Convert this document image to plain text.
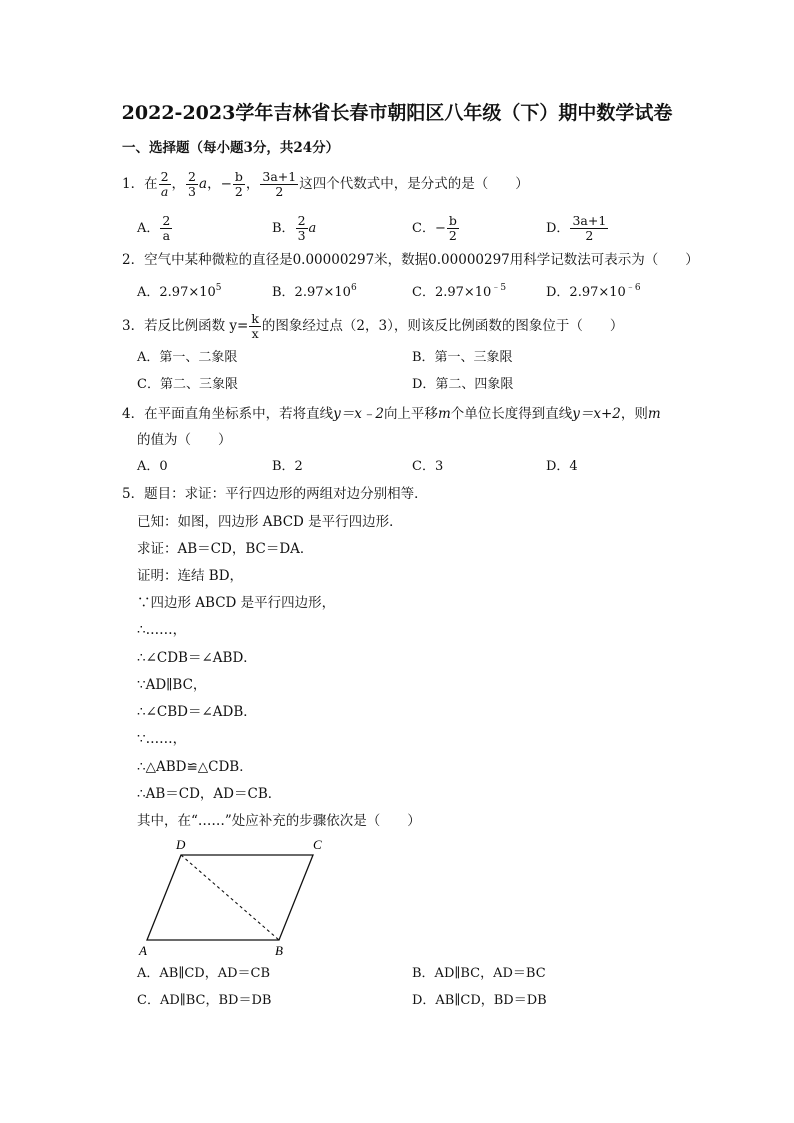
2022-2023学年吉林省长春市朝阳区八年级（下）期中数学试卷
一、选择题（每小题3分，共24分）
1．在 $\frac{2}{a}$ ， $\frac{2}{3}$ a，− $\frac{b}{2}$ ， $\frac{3a+1}{2}$ 这四个代数式中，是分式的是（　　）
A． $\frac{2}{a}$	B． $\frac{2}{3}$ a	C．− $\frac{b}{2}$	D． $\frac{3a+1}{2}$
2．空气中某种微粒的直径是0.00000297米，数据0.00000297用科学记数法可表示为（　　）
A．$2.97\times 10^5$	B．$2.97\times 10^6$	C．$2.97\times 10^{﹣5}$	D．$2.97\times 10^{﹣6}$
3．若反比例函数 $y= \frac{k}{x}$ 的图象经过点（2，3），则该反比例函数的图象位于（　　）
A．第一、二象限	B．第一、三象限
C．第二、三象限	D．第二、四象限
4．在平面直角坐标系中，若将直线y＝x﹣2向上平移m个单位长度得到直线y＝x+2，则m
的值为（　　）
A．0	B．2	C．3	D．4
5．题目：求证：平行四边形的两组对边分别相等．
已知：如图，四边形 ABCD 是平行四边形．
求证：AB＝CD，BC＝DA．
证明：连结 BD，
∵四边形 ABCD 是平行四边形，
∴……，
∴∠CDB＝∠ABD．
∵AD∥BC，
∴∠CBD＝∠ADB．
∵……，
∴△ABD≌△CDB．
∴AB＝CD，AD＝CB．
其中，在“……”处应补充的步骤依次是（　　）
D	C
A	B
A．AB∥CD，AD＝CB	B．AD∥BC，AD＝BC
C．AD∥BC，BD＝DB	D．AB∥CD，BD＝DB
